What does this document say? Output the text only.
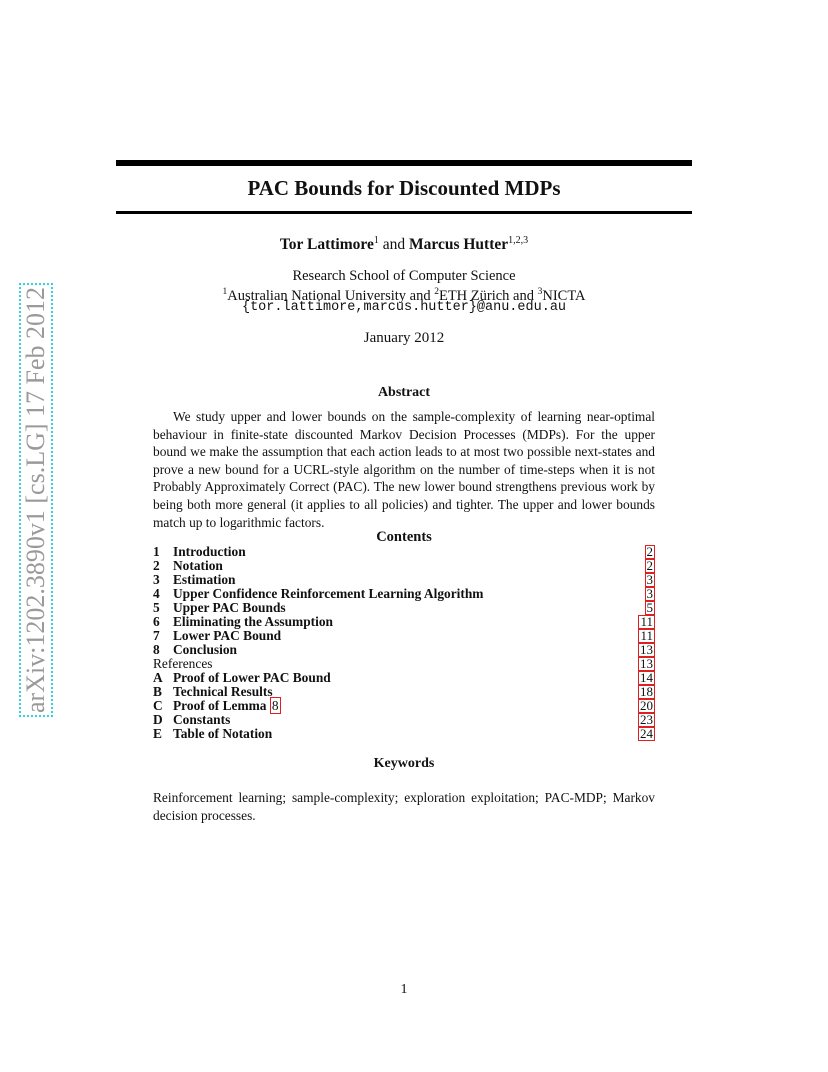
arXiv:1202.3890v1 [cs.LG] 17 Feb 2012
PAC Bounds for Discounted MDPs
Tor Lattimore$^1$ and Marcus Hutter$^{1,2,3}$
Research School of Computer Science
$^1$Australian National University and $^2$ETH Zürich and $^3$NICTA
{tor.lattimore,marcus.hutter}@anu.edu.au
January 2012
Abstract

We study upper and lower bounds on the sample-complexity of learning near-optimal behaviour in finite-state discounted Markov Decision Processes (MDPs). For the upper bound we make the assumption that each action leads to at most two possible next-states and prove a new bound for a UCRL-style algorithm on the number of time-steps when it is not Probably Approximately Correct (PAC). The new lower bound strengthens previous work by being both more general (it applies to all policies) and tighter. The upper and lower bounds match up to logarithmic factors.

Contents
1 Introduction	2
2 Notation	2
3 Estimation	3
4 Upper Confidence Reinforcement Learning Algorithm	3
5 Upper PAC Bounds	5
6 Eliminating the Assumption	11
7 Lower PAC Bound	11
8 Conclusion	13
References	13
A Proof of Lower PAC Bound	14
B Technical Results	18
C Proof of Lemma 8	20
D Constants	23
E Table of Notation	24
Keywords

Reinforcement learning; sample-complexity; exploration exploitation; PAC-MDP; Markov decision processes.

1
